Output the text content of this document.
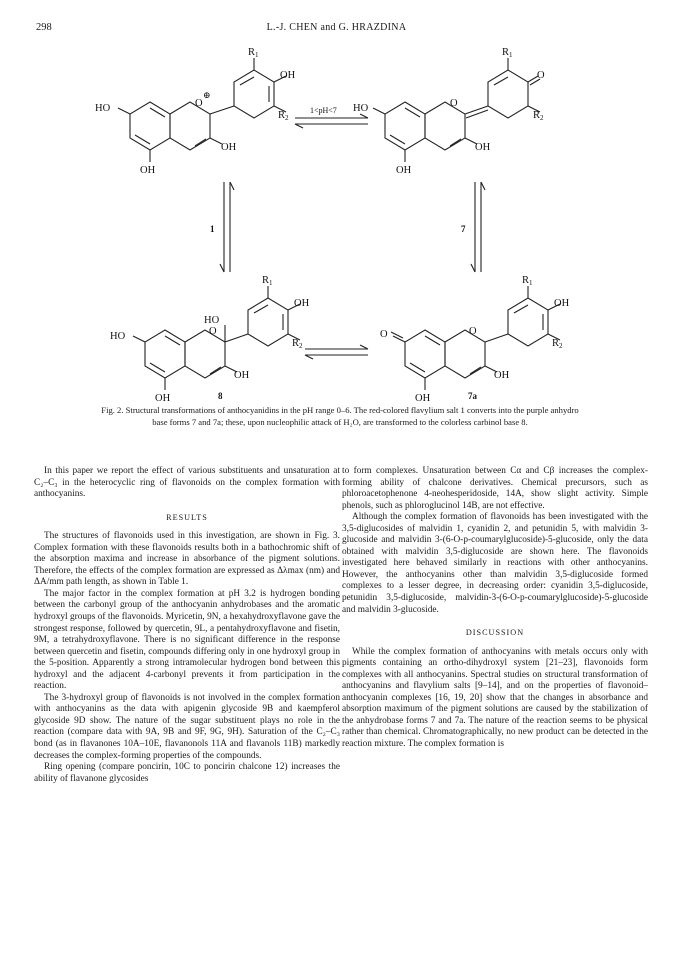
298	L.-J. CHEN and G. HRAZDINA
R1
OH
HO	O
⊕
R2
OH
OH
1<pH<7
R1
O
HO	O
R2
OH
OH
R1
OH
HO
HO	O
R2
OH
OH
R1
OH
O	O
R2
OH
OH
1	7
8	7a
Fig. 2. Structural transformations of anthocyanidins in the pH range 0–6. The red-colored flavylium salt 1 converts into the purple anhydro base forms 7 and 7a; these, upon nucleophilic attack of H₂O, are transformed to the colorless carbinol base 8.

In this paper we report the effect of various substituents and unsaturation at C₂–C₃ in the heterocyclic ring of flavonoids on the complex formation with anthocyanins.

RESULTS

The structures of flavonoids used in this investigation, are shown in Fig. 3. Complex formation with these flavonoids results both in a bathochromic shift of the absorption maxima and increase in absorbance of the pigment solutions. Therefore, the effects of the complex formation are expressed as Δλmax (nm) and ΔA/mm path length, as shown in Table 1.

The major factor in the complex formation at pH 3.2 is hydrogen bonding between the carbonyl group of the anthocyanin anhydrobases and the aromatic hydroxyl groups of the flavonoids. Myricetin, 9N, a hexahydroxyflavone gave the strongest response, followed by quercetin, 9L, a pentahydroxyflavone and fisetin, 9M, a tetrahydroxyflavone. There is no significant difference in the response between quercetin and fisetin, compounds differing only in one hydroxyl group in the 5-position. Apparently a strong intramolecular hydrogen bond between this hydroxyl and the adjacent 4-carbonyl prevents it from participation in the reaction.

The 3-hydroxyl group of flavonoids is not involved in the complex formation with anthocyanins as the data with apigenin glycoside 9B and kaempferol glycoside 9D show. The nature of the sugar substituent plays no role in the reaction (compare data with 9A, 9B and 9F, 9G, 9H). Saturation of the C₂–C₃ bond (as in flavanones 10A–10E, flavanonols 11A and flavanols 11B) markedly decreases the complex-forming properties of the compounds.

Ring opening (compare poncirin, 10C to poncirin chalcone 12) increases the ability of flavanone glycosides

to form complexes. Unsaturation between Cα and Cβ increases the complex-forming ability of chalcone derivatives. Chemical precursors, such as phloroacetophenone 4-neohesperidoside, 14A, show slight activity. Simple phenols, such as phloroglucinol 14B, are not effective.

Although the complex formation of flavonoids has been investigated with the 3,5-diglucosides of malvidin 1, cyanidin 2, and petunidin 5, with malvidin 3-glucoside and malvidin 3-(6-O-p-coumarylglucoside)-5-glucoside, only the data obtained with malvidin 3,5-diglucoside are shown here. The flavonoids investigated here behaved similarly in reactions with other anthocyanins. However, the anthocyanins other than malvidin 3,5-diglucoside formed complexes to a lesser degree, in decreasing order: cyanidin 3,5-diglucoside, petunidin 3,5-diglucoside, malvidin-3-(6-O-p-coumarylglucoside)-5-glucoside and malvidin 3-glucoside.

DISCUSSION

While the complex formation of anthocyanins with metals occurs only with pigments containing an ortho-dihydroxyl system [21–23], flavonoids form complexes with all anthocyanins. Spectral studies on structural transformation of anthocyanins and flavylium salts [9–14], and on the properties of flavonoid–anthocyanin complexes [16, 19, 20] show that the changes in absorbance and absorption maximum of the pigment solutions are caused by the stabilization of the anhydrobase forms 7 and 7a. The nature of the reaction seems to be physical rather than chemical. Chromatographically, no new product can be detected in the reaction mixture. The complex formation is
